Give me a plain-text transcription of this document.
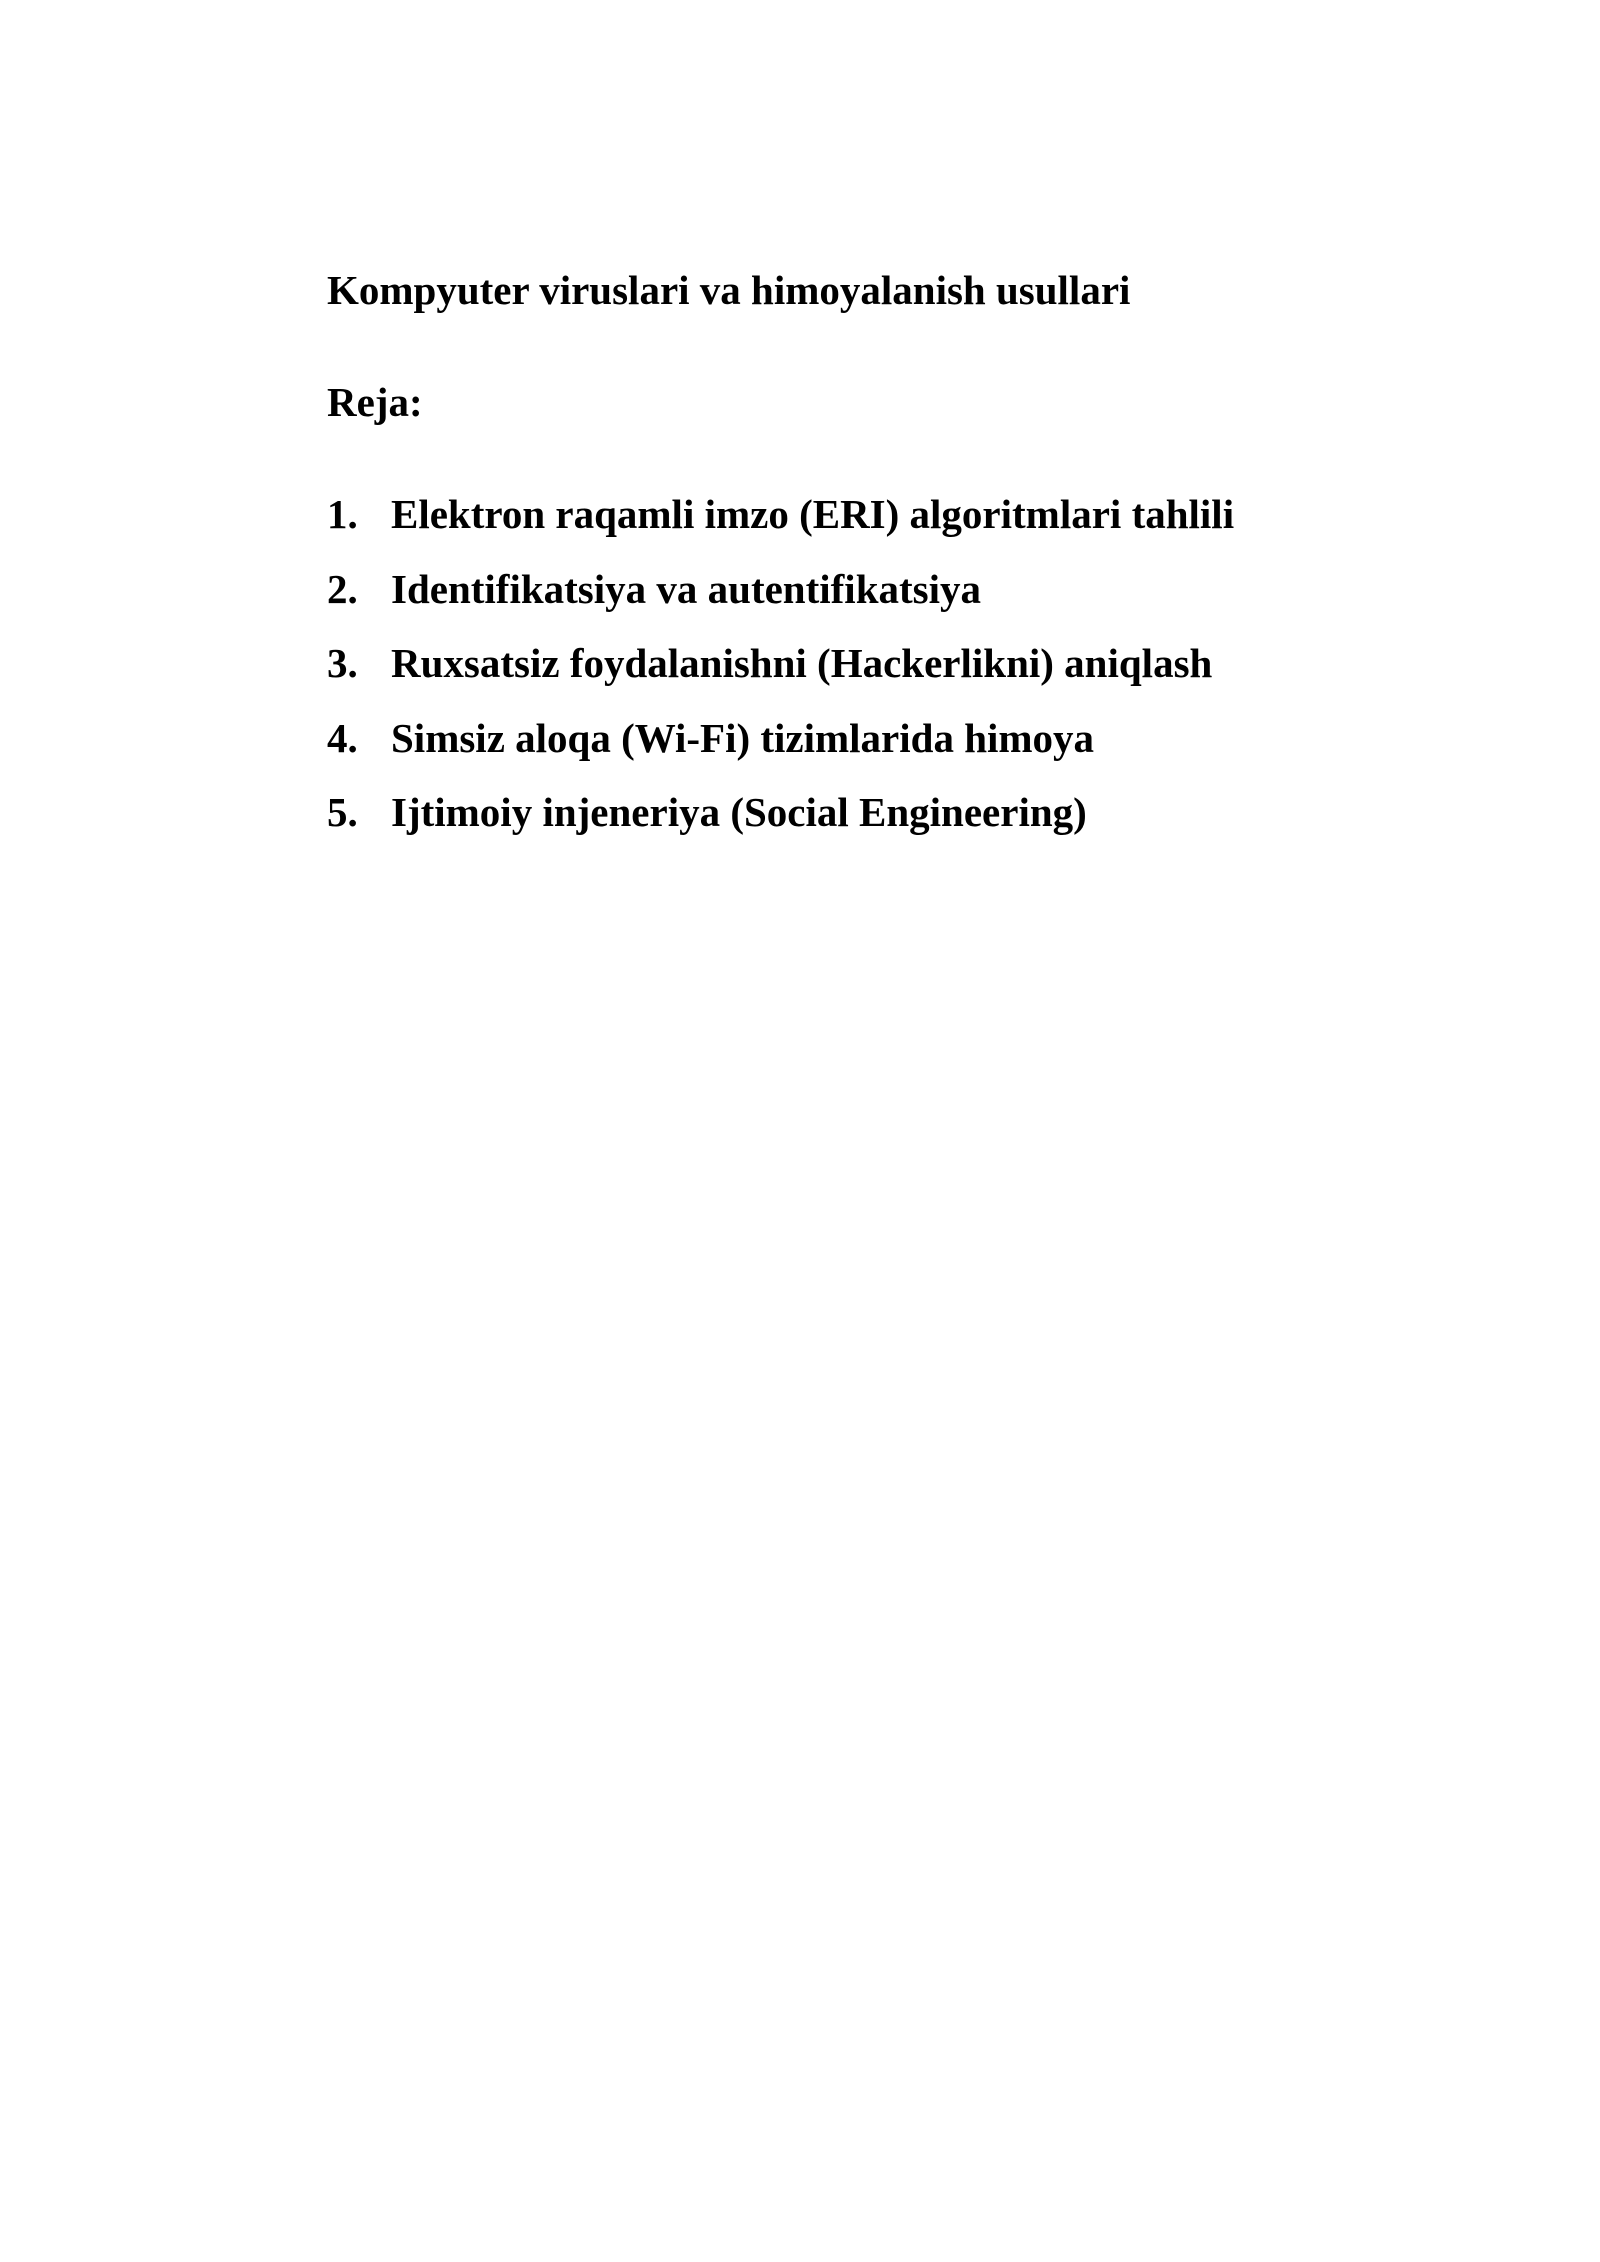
Kompyuter viruslari va himoyalanish usullari

Reja:

1. Elektron raqamli imzo (ERI) algoritmlari tahlili
2. Identifikatsiya va autentifikatsiya
3. Ruxsatsiz foydalanishni (Hackerlikni) aniqlash
4. Simsiz aloqa (Wi-Fi) tizimlarida himoya
5. Ijtimoiy injeneriya (Social Engineering)
